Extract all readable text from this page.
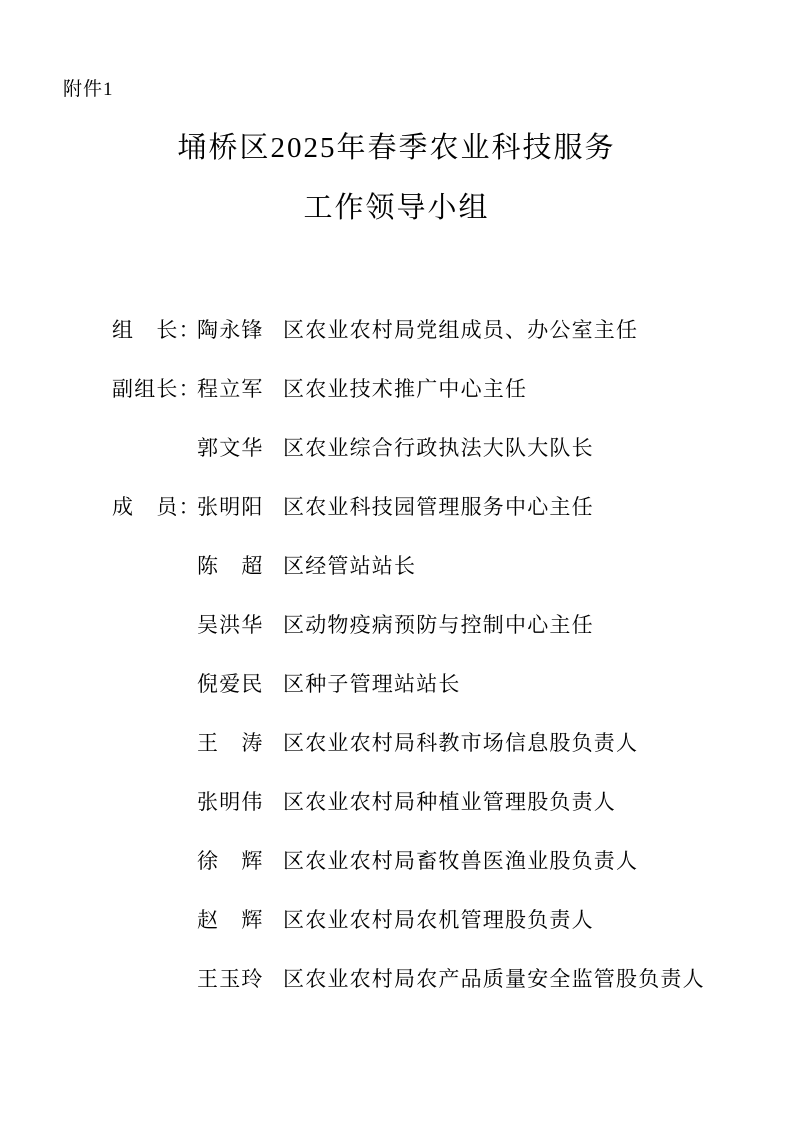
附件1
埇桥区2025年春季农业科技服务
工作领导小组
组　长：
陶永锋 区农业农村局党组成员、办公室主任
副组长：
程立军 区农业技术推广中心主任
郭文华 区农业综合行政执法大队大队长
成　员：
张明阳 区农业科技园管理服务中心主任
陈　超 区经管站站长
吴洪华 区动物疫病预防与控制中心主任
倪爱民 区种子管理站站长
王　涛 区农业农村局科教市场信息股负责人
张明伟 区农业农村局种植业管理股负责人
徐　辉 区农业农村局畜牧兽医渔业股负责人
赵　辉 区农业农村局农机管理股负责人
王玉玲 区农业农村局农产品质量安全监管股负责人
